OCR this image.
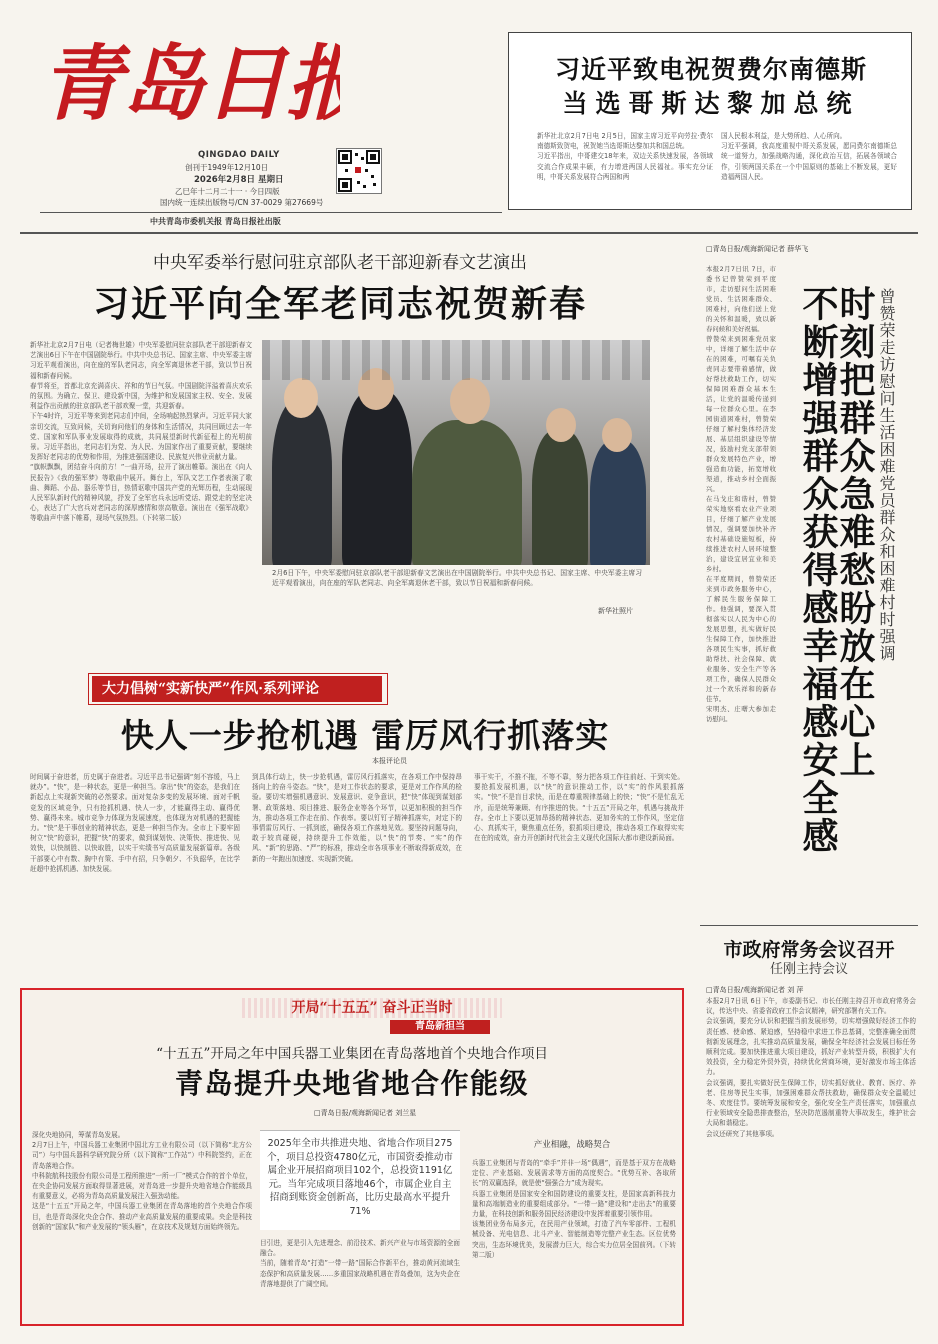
青岛日报
QINGDAO DAILY
创刊于1949年12月10日
2026年2月8日 星期日
乙巳年十二月二十一 · 今日四版
国内统一连续出版物号/CN 37-0029 第27669号
中共青岛市委机关报 青岛日报社出版
习近平致电祝贺费尔南德斯
当选哥斯达黎加总统
新华社北京2月7日电 2月5日，国家主席习近平向劳拉·费尔南德斯致贺电，祝贺她当选哥斯达黎加共和国总统。
习近平指出，中哥建交18年来，双边关系快速发展，各领域交流合作成果丰硕，有力增进两国人民福祉。事实充分证明，中哥关系发展符合两国和两
国人民根本利益，是大势所趋、人心所向。
习近平强调，我高度重视中哥关系发展，愿同费尔南德斯总统一道努力，加强战略沟通，深化政治互信，拓展各领域合作，引领两国关系在一个中国原则的基础上不断发展，更好造福两国人民。
中央军委举行慰问驻京部队老干部迎新春文艺演出
习近平向全军老同志祝贺新春
新华社北京2月7日电（记者梅世雄）中央军委慰问驻京部队老干部迎新春文艺演出6日下午在中国剧院举行。中共中央总书记、国家主席、中央军委主席习近平观看演出，向在座的军队老同志，向全军离退休老干部，致以节日祝福和新春问候。
春节将至，首都北京充满喜庆、祥和的节日气氛。中国剧院洋溢着喜庆欢乐的氛围。为确立、保卫、建设新中国，为维护和发展国家主权、安全、发展利益作出贡献的驻京部队老干部欢聚一堂，共迎新春。
下午4时许，习近平等来到老同志们中间，全场响起热烈掌声。习近平同大家亲切交流，互致问候，关切询问他们的身体和生活情况，共同回顾过去一年党、国家和军队事业发展取得的成就，共同展望新时代新征程上的光明前景。习近平指出，老同志们为党、为人民、为国家作出了重要贡献，要继续发挥好老同志的优势和作用，为推进强国建设、民族复兴伟业贡献力量。
“旗帜飘飘，团结奋斗向前方！”一曲开场，拉开了演出帷幕。演出在《向人民报告》《我的强军梦》等歌曲中展开。舞台上，军队文艺工作者表演了歌曲、舞蹈、小品、器乐等节目，热情讴歌中国共产党的光辉历程，生动展现人民军队新时代的精神风貌，抒发了全军官兵永远听党话、跟党走的坚定决心，表达了广大官兵对老同志的深厚感情和崇高敬意。演出在《强军战歌》等歌曲声中落下帷幕，现场气氛热烈。（下转第二版）
2月6日下午，中央军委慰问驻京部队老干部迎新春文艺演出在中国剧院举行。中共中央总书记、国家主席、中央军委主席习近平观看演出，向在座的军队老同志、向全军离退休老干部，致以节日祝福和新春问候。
新华社照片
□青岛日报/观海新闻记者 薛华飞
本报2月7日讯 7日，市委书记曾赞荣到平度市，走访慰问生活困难党员、生活困难群众、困难村，向他们送上党的关怀和温暖，致以新春问候和美好祝福。
曾赞荣来到困难党员家中，详细了解生活中存在的困难，可嘱有关负责同志要带着感情，做好帮扶救助工作，切实保障困难群众基本生活，让党的温暖传递到每一位群众心里。在李园街道困难村，曾赞荣仔细了解村集体经济发展、基层组织建设等情况，鼓励村党支部带领群众发展特色产业，增强造血功能，拓宽增收渠道，推动乡村全面振兴。
在马戈庄和谐村，曾赞荣实地察看农业产业项目，仔细了解产业发展情况，强调要加快补齐农村基础设施短板，持续推进农村人居环境整治，建设宜居宜业和美乡村。
在平度期间，曾赞荣还来到市政务服务中心，了解民生服务保障工作。他强调，要深入贯彻落实以人民为中心的发展思想，扎实做好民生保障工作，加快推进各项民生实事，抓好救助帮扶、社会保障、就业服务、安全生产等各项工作，确保人民群众过一个欢乐祥和的新春佳节。
宋明杰、庄曙大参加走访慰问。
曾赞荣走访慰问生活困难党员群众和困难村时强调
时刻把群众急难愁盼放在心上
不断增强群众获得感幸福感安全感
大力倡树“实新快严”作风·系列评论
快人一步抢机遇 雷厉风行抓落实
本报评论员
时间属于奋进者，历史属于奋进者。习近平总书记强调“刻不容缓，马上就办”。“快”，是一种状态，更是一种担当。拿出“快”的姿态，是我们在新起点上实现新突破的必然要求。面对复杂多变的发展环境、面对千帆竞发的区域竞争，只有抢抓机遇、快人一步，才能赢得主动、赢得优势、赢得未来。城市竞争力体现为发展速度，也体现为对机遇的把握能力。“快”是干事创业的精神状态，更是一种担当作为。全市上下要牢固树立“快”的意识，把握“快”的要求，做到谋划快、决策快、推进快、见效快，以快制胜、以快取胜，以实干实绩书写高质量发展新篇章。各级干部要心中有数、胸中有策、手中有招，只争朝夕、不负韶华，在比学赶超中抢抓机遇、加快发展。
到具体行动上，快一步抢机遇，雷厉风行抓落实，在各项工作中保持昂扬向上的奋斗姿态。“快”，是对工作状态的要求，更是对工作作风的检验。要切实增强机遇意识、发展意识、竞争意识，把“快”体现到谋划部署、政策落地、项目推进、服务企业等各个环节，以更加积极的担当作为，推动各项工作走在前、作表率。要以钉钉子精神抓落实，对定下的事情雷厉风行、一抓到底，确保各项工作落地见效。要坚持问题导向，敢于较真碰硬，持续提升工作效能，以“快”的节奏、“实”的作风、“新”的思路、“严”的标准，推动全市各项事业不断取得新成效，在新的一年跑出加速度、实现新突破。
事干实干，不推不拖，不等不靠，努力把各项工作往前赶、干到实处。要抢抓发展机遇，以“快”的意识推动工作，以“实”的作风狠抓落实。“快”不是盲目求快，而是在尊重规律基础上的快；“快”不是忙乱无序，而是统筹兼顾、有序推进的快。“十五五”开局之年，机遇与挑战并存。全市上下要以更加昂扬的精神状态、更加务实的工作作风，坚定信心、真抓实干，聚焦重点任务，狠抓项目建设，推动各项工作取得实实在在的成效，奋力开创新时代社会主义现代化国际大都市建设新局面。
市政府常务会议召开
任刚主持会议
□青岛日报/观海新闻记者 刘 萍
本报2月7日讯 6日下午，市委副书记、市长任刚主持召开市政府常务会议，传达中央、省委省政府工作会议精神，研究部署有关工作。
会议强调，要充分认识和把握当前发展形势，切实增强做好经济工作的责任感、使命感、紧迫感，坚持稳中求进工作总基调，完整准确全面贯彻新发展理念，扎实推动高质量发展，确保全年经济社会发展目标任务顺利完成。要加快推进重大项目建设，抓好产业转型升级，积极扩大有效投资，全力稳定外贸外资，持续优化营商环境，更好激发市场主体活力。
会议强调，要扎实做好民生保障工作，切实抓好就业、教育、医疗、养老、住房等民生实事，加强困难群众帮扶救助，确保群众安全温暖过冬、欢度佳节。要统筹发展和安全，强化安全生产责任落实，加强重点行业领域安全隐患排查整治，坚决防范遏制重特大事故发生，维护社会大局和谐稳定。
会议还研究了其他事项。
开局“十五五” 奋斗正当时
青岛新担当
“十五五”开局之年中国兵器工业集团在青岛落地首个央地合作项目
青岛提升央地省地合作能级
□青岛日报/观海新闻记者 刘兰星
深化央地协同，筹谋青岛发展。
2月7日上午，中国兵器工业集团中国北方工业有限公司（以下简称“北方公司”）与中国兵器科学研究院分所（以下简称“工作站”）中科院签约，正在青岛落地合作。
中科院航科技股份有限公司是工程所推进“一所一厂”模式合作的首个单位，在央企协同发展方面取得显著进展，对青岛进一步提升央地省地合作能级具有重要意义，必将为青岛高质量发展注入强劲动能。
这是“十五五”开局之年，中国兵器工业集团在青岛落地的首个央地合作项目，也是青岛深化央企合作、推动产业高质量发展的重要成果。央企是科技创新的“国家队”和产业发展的“领头雁”，在京技术及规划方面始终领先。
2025年全市共推进央地、省地合作项目275个，项目总投资4780亿元，市国资委推动市属企业开展招商项目102个，总投资1191亿元。当年完成项目落地46个，市属企业自主招商到账资金创新高，比历史最高水平提升71%
目引进，更是引入先进理念、前沿技术、新兴产业与市场资源的全面融合。
当前，随着青岛“打造”一带一路”国际合作新平台，推动黄河流域生态保护和高质量发展……多重国家战略机遇在青岛叠加，这为央企在青落地提供了广阔空间。
产业相融，战略契合
兵器工业集团与青岛的“牵手”并非一场“偶遇”，而是基于双方在战略定位、产业基础、发展需求等方面的高度契合。“优势互补、各取所长”的双赢选择，就是使“强强合力”成为现实。
兵器工业集团是国家安全和国防建设的重要支柱，是国家高新科技力量和高端制造业的重要组成部分。“一带一路”建设和“走出去”的重要力量，在科技创新和服务国民经济建设中发挥着重要引领作用。
该集团业务布局多元，在民用产业领域，打造了汽车零部件、工程机械设备、光电信息、北斗产业、智能制造等完整产业生态。区位优势突出，生态环境优美，发展潜力巨大，综合实力位居全国前列。（下转第二版）
